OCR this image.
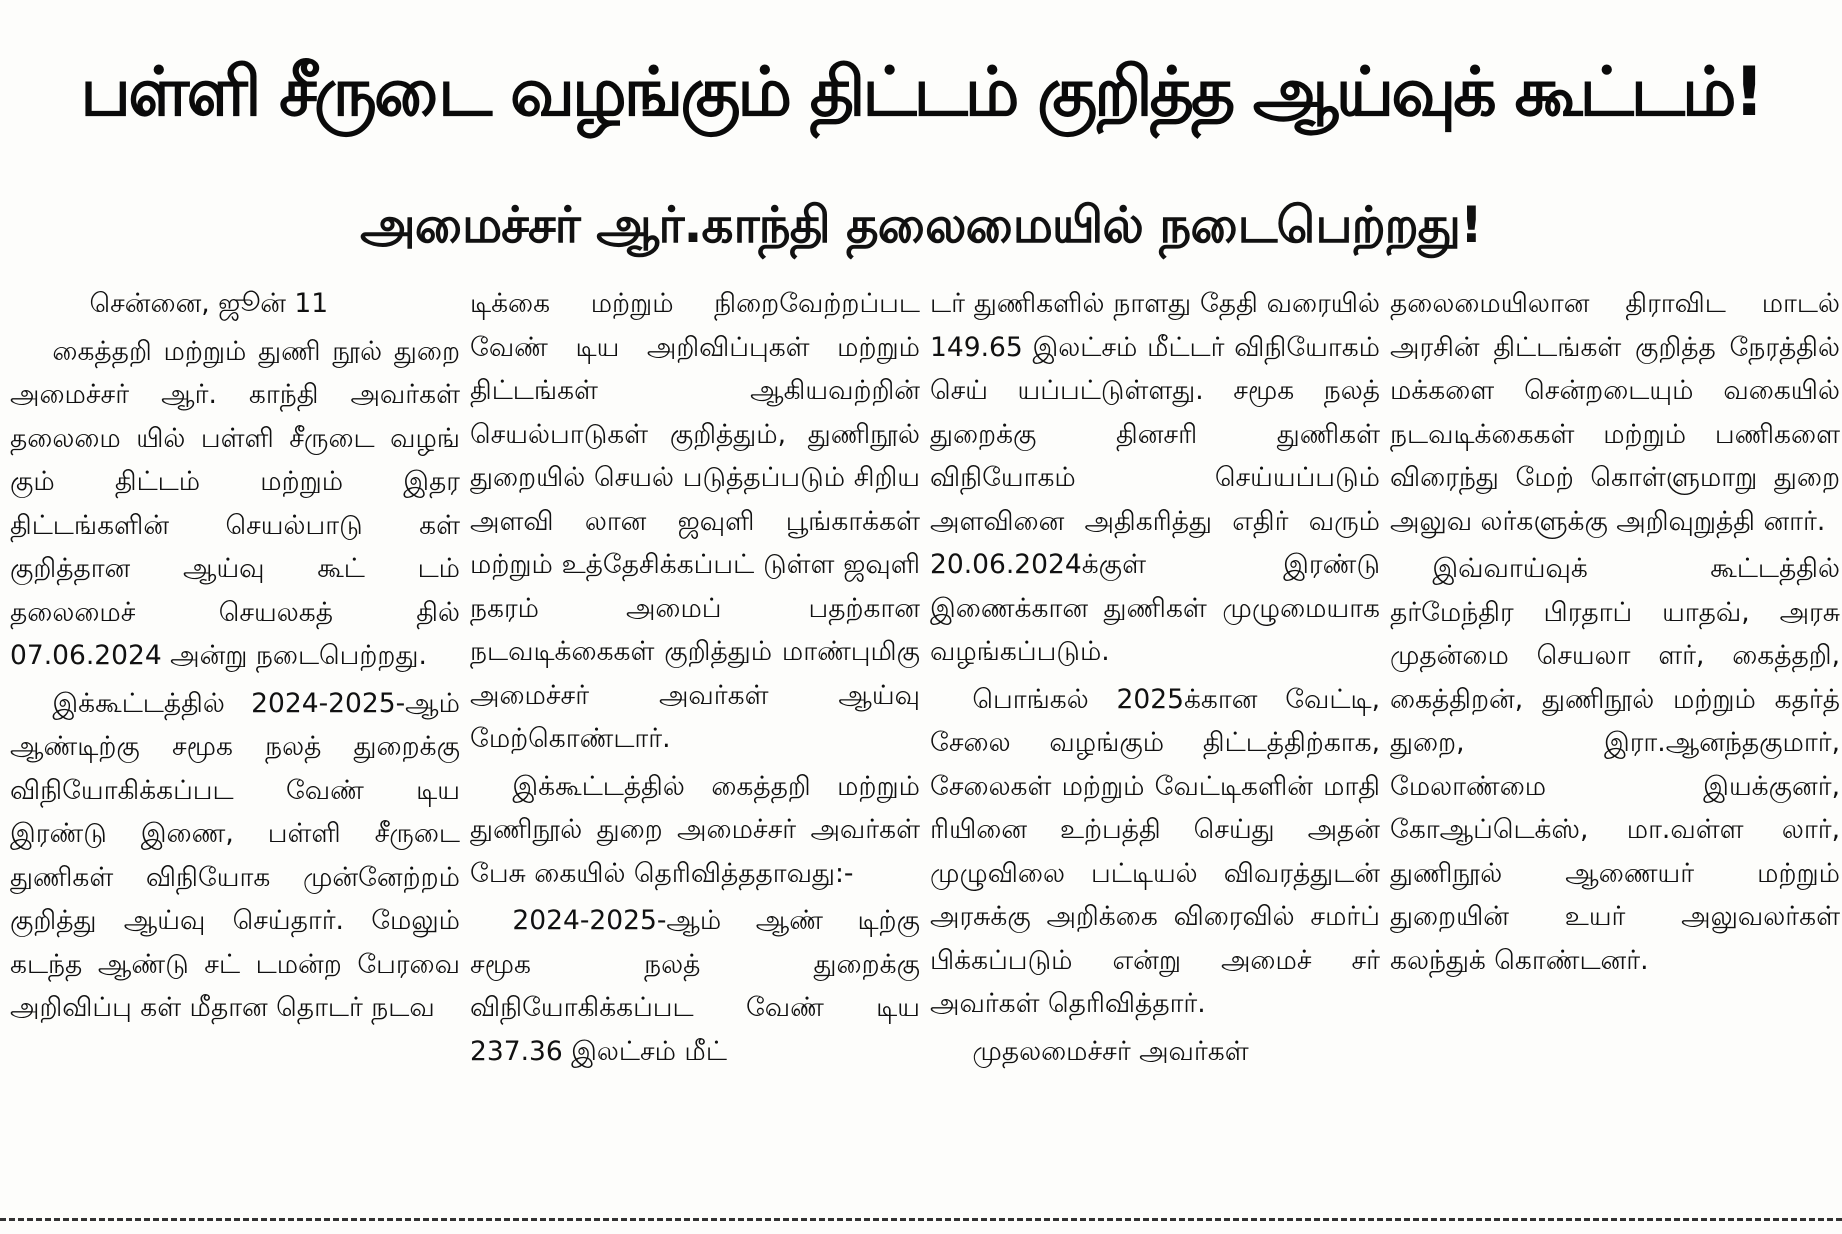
பள்ளி சீருடை வழங்கும் திட்டம் குறித்த ஆய்வுக் கூட்டம்!
அமைச்சர் ஆர்.காந்தி தலைமையில் நடைபெற்றது!

சென்னை, ஜூன் 11

கைத்தறி மற்றும் துணி நூல் துறை அமைச்சர் ஆர். காந்தி அவர்கள் தலைமை யில் பள்ளி சீருடை வழங் கும் திட்டம் மற்றும் இதர திட்டங்களின் செயல்பாடு கள் குறித்தான ஆய்வு கூட் டம் தலைமைச் செயலகத் தில் 07.06.2024 அன்று நடைபெற்றது.

இக்கூட்டத்தில் 2024-2025-ஆம் ஆண்டிற்கு சமூக நலத் துறைக்கு விநியோகிக்கப்பட வேண் டிய இரண்டு இணை, பள்ளி சீருடை துணிகள் விநியோக முன்னேற்றம் குறித்து ஆய்வு செய்தார். மேலும் கடந்த ஆண்டு சட் டமன்ற பேரவை அறிவிப்பு கள் மீதான தொடர் நடவ

டிக்கை மற்றும் நிறைவேற்றப்பட வேண் டிய அறிவிப்புகள் மற்றும் திட்டங்கள் ஆகியவற்றின் செயல்பாடுகள் குறித்தும், துணிநூல் துறையில் செயல் படுத்தப்படும் சிறிய அளவி லான ஜவுளி பூங்காக்கள் மற்றும் உத்தேசிக்கப்பட் டுள்ள ஜவுளி நகரம் அமைப் பதற்கான நடவடிக்கைகள் குறித்தும் மாண்புமிகு அமைச்சர் அவர்கள் ஆய்வு மேற்கொண்டார்.

இக்கூட்டத்தில் கைத்தறி மற்றும் துணிநூல் துறை அமைச்சர் அவர்கள் பேசு கையில் தெரிவித்ததாவது:-

2024-2025-ஆம் ஆண் டிற்கு சமூக நலத் துறைக்கு விநியோகிக்கப்பட வேண் டிய 237.36 இலட்சம் மீட்

டர் துணிகளில் நாளது தேதி வரையில் 149.65 இலட்சம் மீட்டர் விநியோகம் செய் யப்பட்டுள்ளது. சமூக நலத் துறைக்கு தினசரி துணிகள் விநியோகம் செய்யப்படும் அளவினை அதிகரித்து எதிர் வரும் 20.06.2024க்குள் இரண்டு இணைக்கான துணிகள் முழுமையாக வழங்கப்படும்.

பொங்கல் 2025க்கான வேட்டி, சேலை வழங்கும் திட்டத்திற்காக, சேலைகள் மற்றும் வேட்டிகளின் மாதி ரியினை உற்பத்தி செய்து அதன் முழுவிலை பட்டியல் விவரத்துடன் அரசுக்கு அறிக்கை விரைவில் சமர்ப் பிக்கப்படும் என்று அமைச் சர் அவர்கள் தெரிவித்தார்.

முதலமைச்சர் அவர்கள்

தலைமையிலான திராவிட மாடல் அரசின் திட்டங்கள் குறித்த நேரத்தில் மக்களை சென்றடையும் வகையில் நடவடிக்கைகள் மற்றும் பணிகளை விரைந்து மேற் கொள்ளுமாறு துறை அலுவ லர்களுக்கு அறிவுறுத்தி னார்.

இவ்வாய்வுக் கூட்டத்தில் தர்மேந்திர பிரதாப் யாதவ், அரசு முதன்மை செயலா ளர், கைத்தறி, கைத்திறன், துணிநூல் மற்றும் கதர்த் துறை, இரா.ஆனந்தகுமார், மேலாண்மை இயக்குனர், கோஆப்டெக்ஸ், மா.வள்ள லார், துணிநூல் ஆணையர் மற்றும் துறையின் உயர் அலுவலர்கள் கலந்துக் கொண்டனர்.
